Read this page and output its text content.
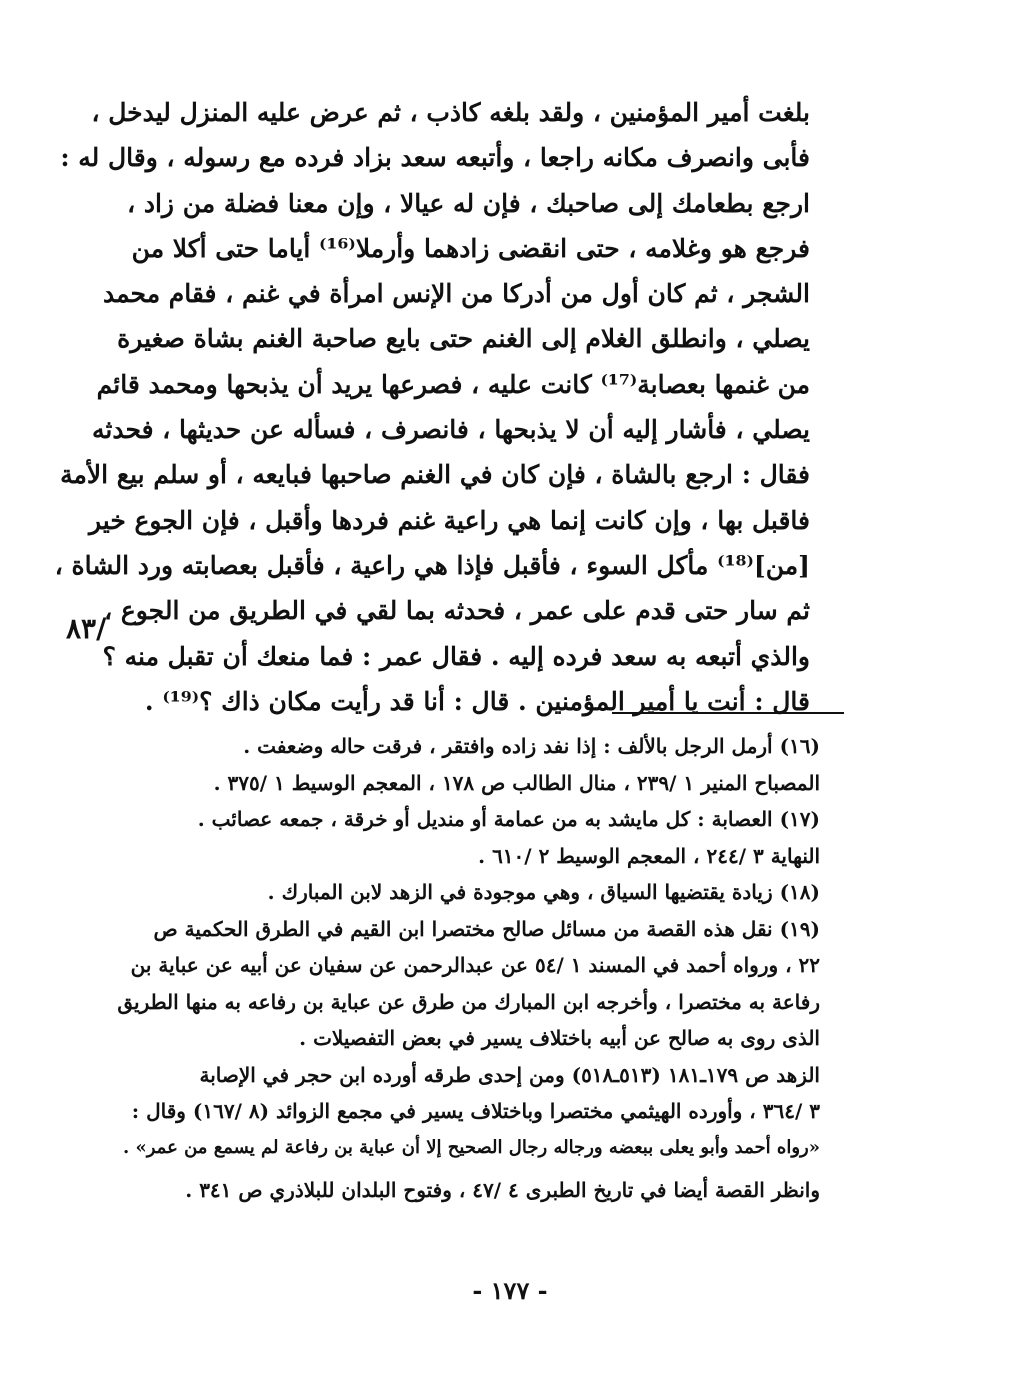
بلغت أمير المؤمنين ، ولقد بلغه كاذب ، ثم عرض عليه المنزل ليدخل ،
فأبى وانصرف مكانه راجعا ، وأتبعه سعد بزاد فرده مع رسوله ، وقال له :
ارجع بطعامك إلى صاحبك ، فإن له عيالا ، وإن معنا فضلة من زاد ،
فرجع هو وغلامه ، حتى انقضى زادهما وأرملا⁽¹⁶⁾ أياما حتى أكلا من
الشجر ، ثم كان أول من أدركا من الإنس امرأة في غنم ، فقام محمد
يصلي ، وانطلق الغلام إلى الغنم حتى بايع صاحبة الغنم بشاة صغيرة
من غنمها بعصابة⁽¹⁷⁾ كانت عليه ، فصرعها يريد أن يذبحها ومحمد قائم
يصلي ، فأشار إليه أن لا يذبحها ، فانصرف ، فسأله عن حديثها ، فحدثه
فقال : ارجع بالشاة ، فإن كان في الغنم صاحبها فبايعه ، أو سلم بيع الأمة
فاقبل بها ، وإن كانت إنما هي راعية غنم فردها وأقبل ، فإن الجوع خير
[من]⁽¹⁸⁾ مأكل السوء ، فأقبل فإذا هي راعية ، فأقبل بعصابته ورد الشاة ،
ثم سار حتى قدم على عمر ، فحدثه بما لقي في الطريق من الجوع ،
والذي أتبعه به سعد فرده إليه . فقال عمر : فما منعك أن تقبل منه ؟
قال : أنت يا أمير المؤمنين . قال : أنا قد رأيت مكان ذاك ؟⁽¹⁹⁾ .
٨٣/
(١٦) أرمل الرجل بالألف : إذا نفد زاده وافتقر ، فرقت حاله وضعفت .
المصباح المنير ١ /٢٣٩ ، منال الطالب ص ١٧٨ ، المعجم الوسيط ١ /٣٧٥ .
(١٧) العصابة : كل مايشد به من عمامة أو منديل أو خرقة ، جمعه عصائب .
النهاية ٣ /٢٤٤ ، المعجم الوسيط ٢ /٦١٠ .
(١٨) زيادة يقتضيها السياق ، وهي موجودة في الزهد لابن المبارك .
(١٩) نقل هذه القصة من مسائل صالح مختصرا ابن القيم في الطرق الحكمية ص
٢٢ ، ورواه أحمد في المسند ١ /٥٤ عن عبدالرحمن عن سفيان عن أبيه عن عباية بن
رفاعة به مختصرا ، وأخرجه ابن المبارك من طرق عن عباية بن رفاعه به منها الطريق
الذى روى به صالح عن أبيه باختلاف يسير في بعض التفصيلات .
الزهد ص ١٧٩ـ١٨١ (٥١٣ـ٥١٨) ومن إحدى طرقه أورده ابن حجر في الإصابة
٣ /٣٦٤ ، وأورده الهيثمي مختصرا وباختلاف يسير في مجمع الزوائد (٨ /١٦٧) وقال :
«رواه أحمد وأبو يعلى ببعضه ورجاله رجال الصحيح إلا أن عباية بن رفاعة لم يسمع من عمر» .
وانظر القصة أيضا في تاريخ الطبرى ٤ /٤٧ ، وفتوح البلدان للبلاذري ص ٣٤١ .
- ١٧٧ -
